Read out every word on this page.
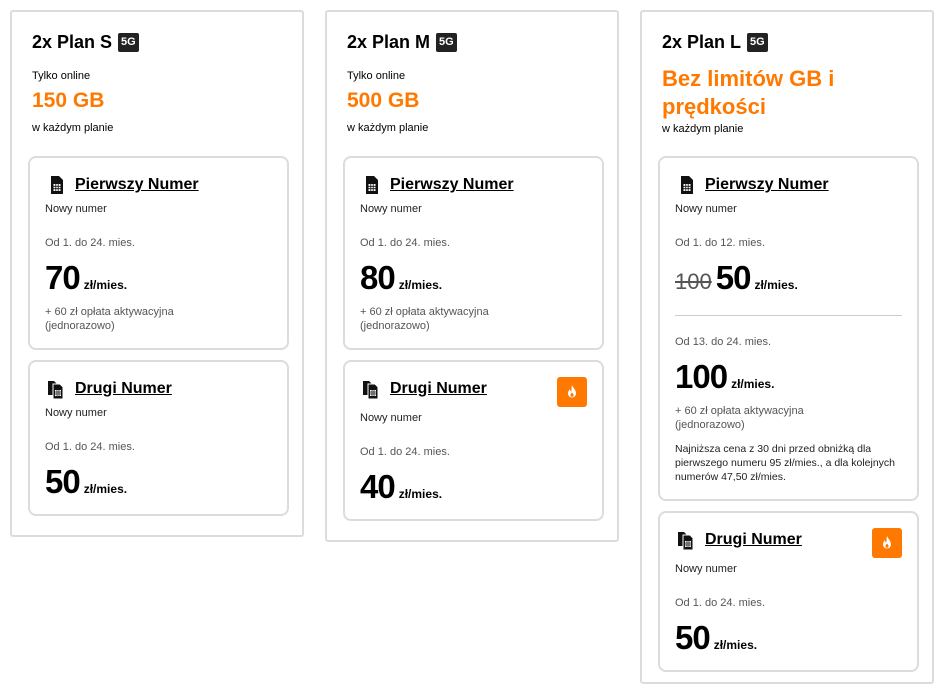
2x Plan S 5G
Tylko online
150 GB
w każdym planie
Pierwszy Numer
Nowy numer
Od 1. do 24. mies.
70 zł/mies.
+ 60 zł opłata aktywacyjna (jednorazowo)
Drugi Numer
Nowy numer
Od 1. do 24. mies.
50 zł/mies.
2x Plan M 5G
Tylko online
500 GB
w każdym planie
Pierwszy Numer
Nowy numer
Od 1. do 24. mies.
80 zł/mies.
+ 60 zł opłata aktywacyjna (jednorazowo)
Drugi Numer
Nowy numer
Od 1. do 24. mies.
40 zł/mies.
2x Plan L 5G
Bez limitów GB i prędkości
w każdym planie
Pierwszy Numer
Nowy numer
Od 1. do 12. mies.
100 50 zł/mies.
Od 13. do 24. mies.
100 zł/mies.
+ 60 zł opłata aktywacyjna (jednorazowo)
Najniższa cena z 30 dni przed obniżką dla pierwszego numeru 95 zł/mies., a dla kolejnych numerów 47,50 zł/mies.
Drugi Numer
Nowy numer
Od 1. do 24. mies.
50 zł/mies.
